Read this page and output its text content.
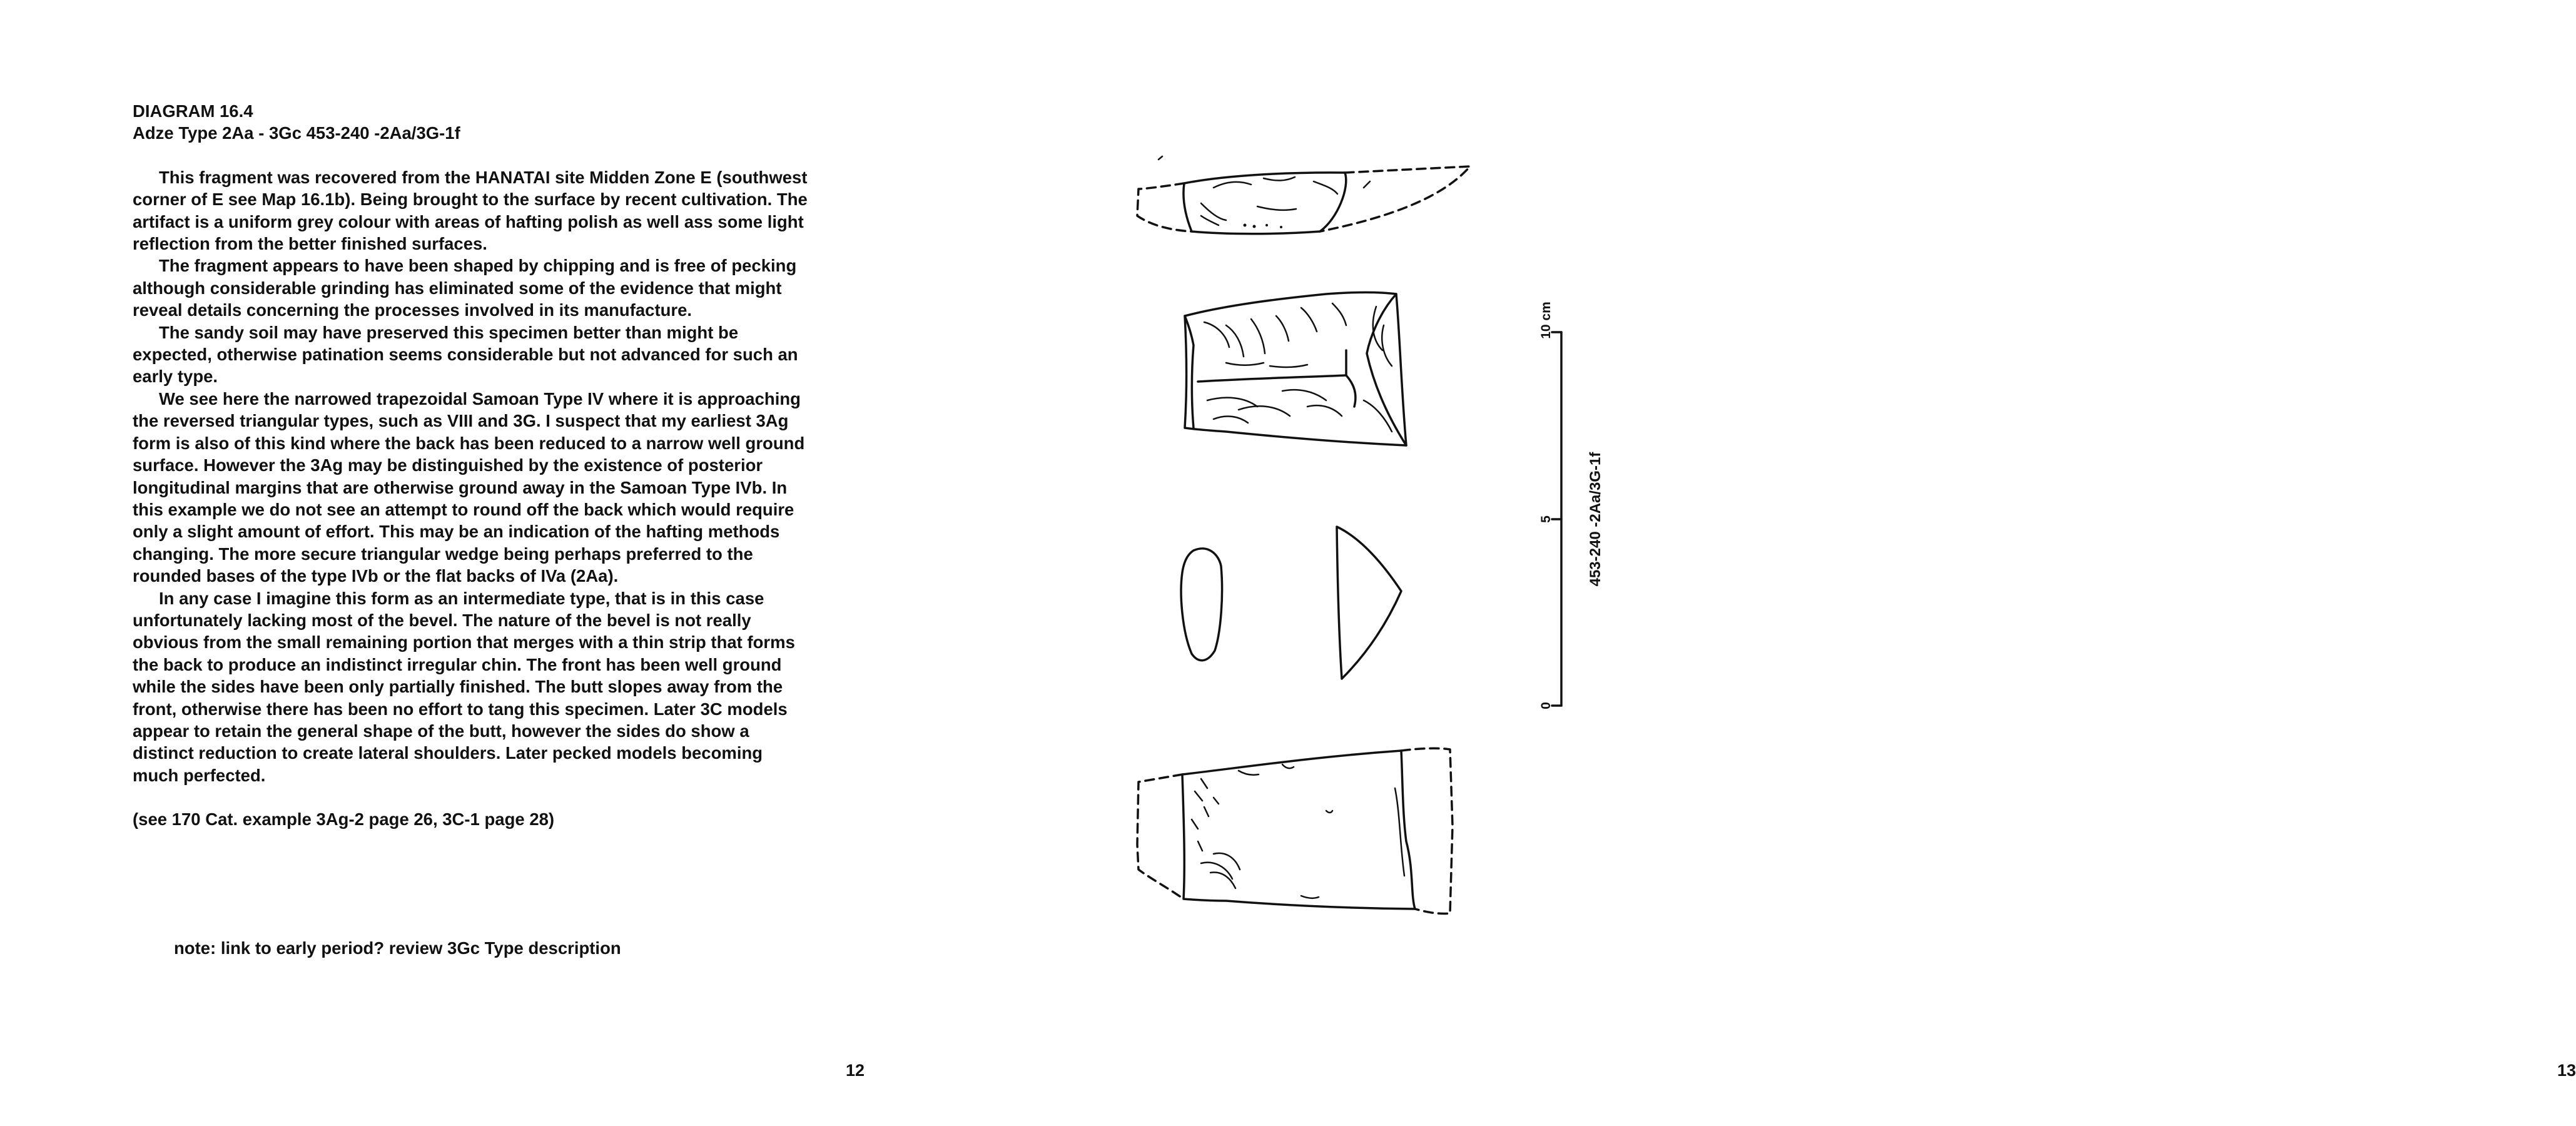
DIAGRAM 16.4

Adze Type 2Aa - 3Gc 453-240 -2Aa/3G-1f

This fragment was recovered from the HANATAI site Midden Zone E (southwest corner of E see Map 16.1b). Being brought to the surface by recent cultivation. The artifact is a uniform grey colour with areas of hafting polish as well ass some light reflection from the better finished surfaces.

The fragment appears to have been shaped by chipping and is free of pecking although considerable grinding has eliminated some of the evidence that might reveal details concerning the processes involved in its manufacture.

The sandy soil may have preserved this specimen better than might be expected, otherwise patination seems considerable but not advanced for such an early type.

We see here the narrowed trapezoidal Samoan Type IV where it is approaching the reversed triangular types, such as VIII and 3G. I suspect that my earliest 3Ag form is also of this kind where the back has been reduced to a narrow well ground surface. However the 3Ag may be distinguished by the existence of posterior longitudinal margins that are otherwise ground away in the Samoan Type IVb. In this example we do not see an attempt to round off the back which would require only a slight amount of effort. This may be an indication of the hafting methods changing. The more secure triangular wedge being perhaps preferred to the rounded bases of the type IVb or the flat backs of IVa (2Aa).

In any case I imagine this form as an intermediate type, that is in this case unfortunately lacking most of the bevel. The nature of the bevel is not really obvious from the small remaining portion that merges with a thin strip that forms the back to produce an indistinct irregular chin. The front has been well ground while the sides have been only partially finished. The butt slopes away from the front, otherwise there has been no effort to tang this specimen. Later 3C models appear to retain the general shape of the butt, however the sides do show a distinct reduction to create lateral shoulders. Later pecked models becoming much perfected.

(see 170 Cat. example 3Ag-2 page 26, 3C-1 page 28)

note: link to early period? review 3Gc Type description
12
10 cm
5
0
453-240 -2Aa/3G-1f
13
